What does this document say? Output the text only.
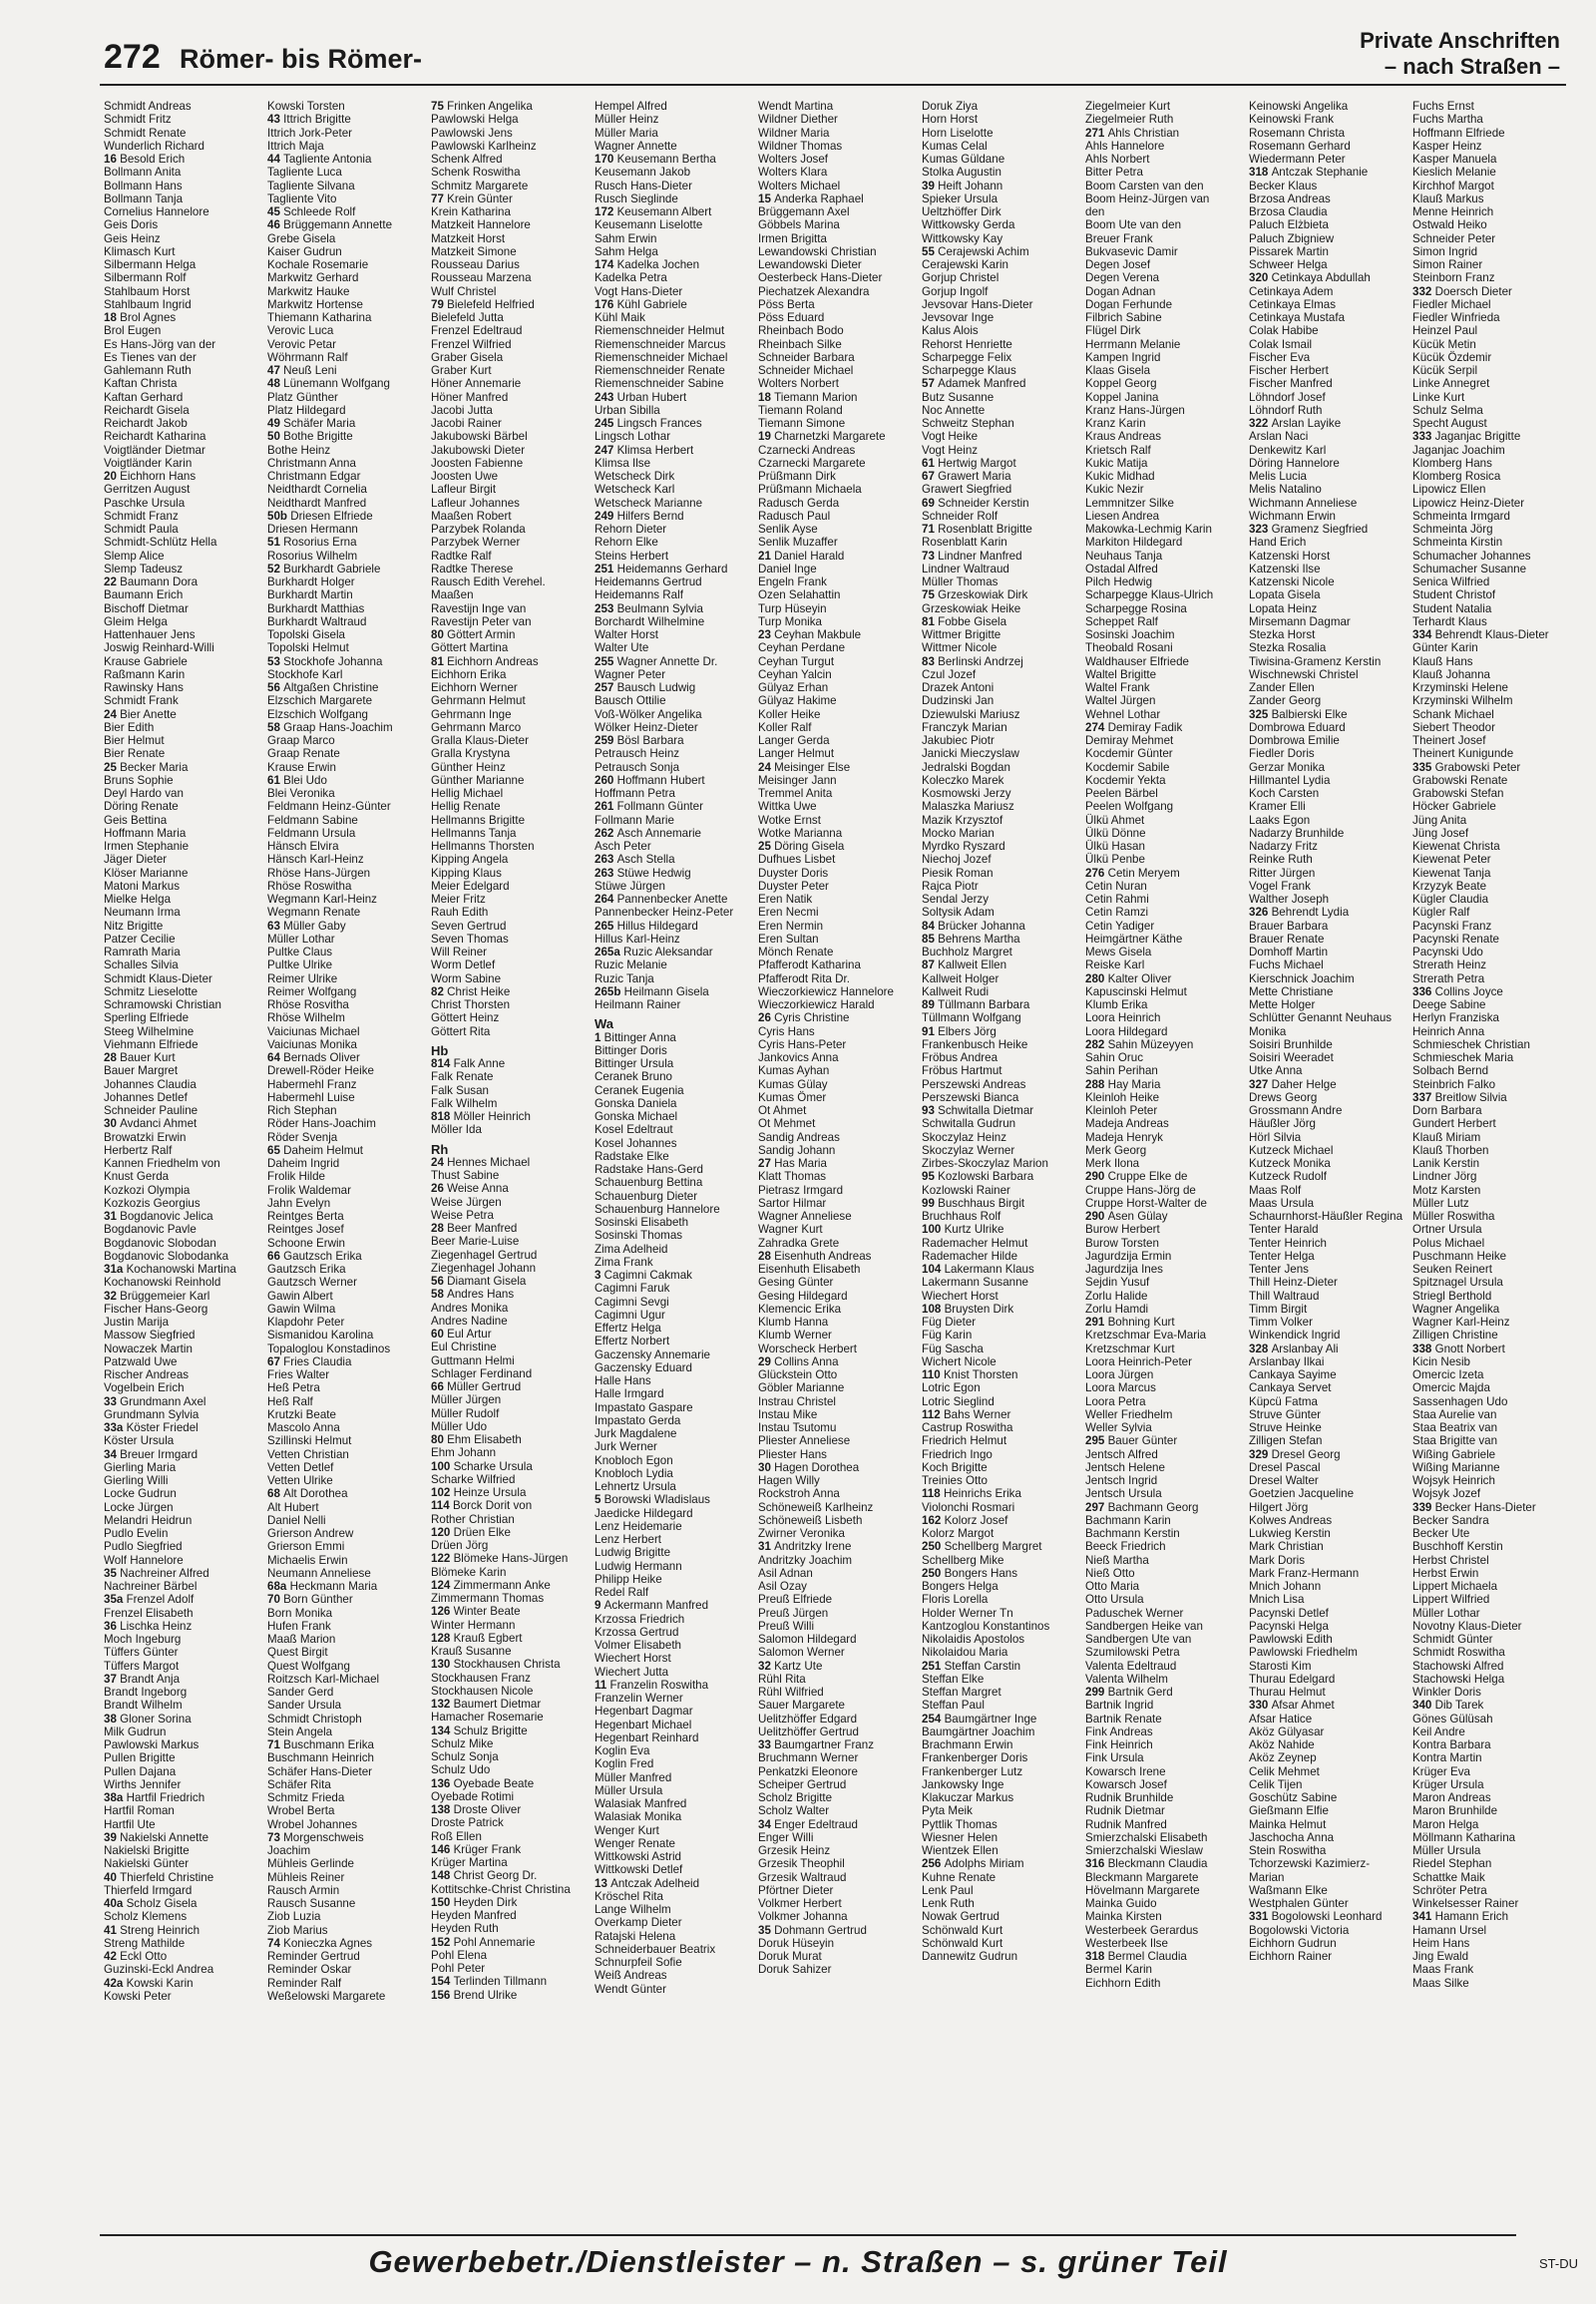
272 Römer- bis Römer-
Private Anschriften
– nach Straßen –
Schmidt Andreas
Schmidt Fritz
Schmidt Renate
Wunderlich Richard
16 Besold Erich
Bollmann Anita
Bollmann Hans
Bollmann Tanja
Cornelius Hannelore
Geis Doris
Geis Heinz
Klimasch Kurt
Silbermann Helga
Silbermann Rolf
Stahlbaum Horst
Stahlbaum Ingrid
18 Brol Agnes
Brol Eugen
Es Hans-Jörg van der
Es Tienes van der
Gahlemann Ruth
Kaftan Christa
Kaftan Gerhard
Reichardt Gisela
Reichardt Jakob
Reichardt Katharina
Voigtländer Dietmar
Voigtländer Karin
20 Eichhorn Hans
Gerritzen August
Paschke Ursula
Schmidt Franz
Schmidt Paula
Schmidt-Schlütz Hella
Slemp Alice
Slemp Tadeusz
22 Baumann Dora
Baumann Erich
Bischoff Dietmar
Gleim Helga
Hattenhauer Jens
Joswig Reinhard-Willi
Krause Gabriele
Raßmann Karin
Rawinsky Hans
Schmidt Frank
24 Bier Anette
Bier Edith
Bier Helmut
Bier Renate
25 Becker Maria
Bruns Sophie
Deyl Hardo van
Döring Renate
Geis Bettina
Hoffmann Maria
Irmen Stephanie
Jäger Dieter
Klöser Marianne
Matoni Markus
Mielke Helga
Neumann Irma
Nitz Brigitte
Patzer Cecilie
Ramrath Maria
Schalles Silvia
Schmidt Klaus-Dieter
Schmitz Lieselotte
Schramowski Christian
Sperling Elfriede
Steeg Wilhelmine
Viehmann Elfriede
28 Bauer Kurt
Bauer Margret
Johannes Claudia
Johannes Detlef
Schneider Pauline
30 Avdanci Ahmet
Browatzki Erwin
Herbertz Ralf
Kannen Friedhelm von
Knust Gerda
Kozkozi Olympia
Kozkozis Georgius
31 Bogdanovic Jelica
Bogdanovic Pavle
Bogdanovic Slobodan
Bogdanovic Slobodanka
31a Kochanowski Martina
Kochanowski Reinhold
32 Brüggemeier Karl
Fischer Hans-Georg
Justin Marija
Massow Siegfried
Nowaczek Martin
Patzwald Uwe
Rischer Andreas
Vogelbein Erich
33 Grundmann Axel
Grundmann Sylvia
33a Köster Friedel
Köster Ursula
34 Breuer Irmgard
Gierling Maria
Gierling Willi
Locke Gudrun
Locke Jürgen
Melandri Heidrun
Pudlo Evelin
Pudlo Siegfried
Wolf Hannelore
35 Nachreiner Alfred
Nachreiner Bärbel
35a Frenzel Adolf
Frenzel Elisabeth
36 Lischka Heinz
Moch Ingeburg
Tüffers Günter
Tüffers Margot
37 Brandt Anja
Brandt Ingeborg
Brandt Wilhelm
38 Gloner Sorina
Milk Gudrun
Pawlowski Markus
Pullen Brigitte
Pullen Dajana
Wirths Jennifer
38a Hartfil Friedrich
Hartfil Roman
Hartfil Ute
39 Nakielski Annette
Nakielski Brigitte
Nakielski Günter
40 Thierfeld Christine
Thierfeld Irmgard
40a Scholz Gisela
Scholz Klemens
41 Streng Heinrich
Streng Mathilde
42 Eckl Otto
Guzinski-Eckl Andrea
42a Kowski Karin
Kowski Peter
Kowski Torsten
43 Ittrich Brigitte
Ittrich Jork-Peter
Ittrich Maja
44 Tagliente Antonia
Tagliente Luca
Tagliente Silvana
Tagliente Vito
45 Schleede Rolf
46 Brüggemann Annette
Grebe Gisela
Kaiser Gudrun
Kochale Rosemarie
Markwitz Gerhard
Markwitz Hauke
Markwitz Hortense
Thiemann Katharina
Verovic Luca
Verovic Petar
Wöhrmann Ralf
47 Neuß Leni
48 Lünemann Wolfgang
Platz Günther
Platz Hildegard
49 Schäfer Maria
50 Bothe Brigitte
Bothe Heinz
Christmann Anna
Christmann Edgar
Neidthardt Cornelia
Neidthardt Manfred
50b Driesen Elfriede
Driesen Hermann
51 Rosorius Erna
Rosorius Wilhelm
52 Burkhardt Gabriele
Burkhardt Holger
Burkhardt Martin
Burkhardt Matthias
Burkhardt Waltraud
Topolski Gisela
Topolski Helmut
53 Stockhofe Johanna
Stockhofe Karl
56 Altgaßen Christine
Elzschich Margarete
Elzschich Wolfgang
58 Graap Hans-Joachim
Graap Marco
Graap Renate
Krause Erwin
61 Blei Udo
Blei Veronika
Feldmann Heinz-Günter
Feldmann Sabine
Feldmann Ursula
Hänsch Elvira
Hänsch Karl-Heinz
Rhöse Hans-Jürgen
Rhöse Roswitha
Wegmann Karl-Heinz
Wegmann Renate
63 Müller Gaby
Müller Lothar
Pultke Claus
Pultke Ulrike
Reimer Ulrike
Reimer Wolfgang
Rhöse Rosvitha
Rhöse Wilhelm
Vaiciunas Michael
Vaiciunas Monika
64 Bernads Oliver
Drewell-Röder Heike
Habermehl Franz
Habermehl Luise
Rich Stephan
Röder Hans-Joachim
Röder Svenja
65 Daheim Helmut
Daheim Ingrid
Frolik Hilde
Frolik Waldemar
Jahn Evelyn
Reintges Berta
Reintges Josef
Schoone Erwin
66 Gautzsch Erika
Gautzsch Erika
Gautzsch Werner
Gawin Albert
Gawin Wilma
Klapdohr Peter
Sismanidou Karolina
Topaloglou Konstadinos
67 Fries Claudia
Fries Walter
Heß Petra
Heß Ralf
Krutzki Beate
Mascolo Anna
Szillinski Helmut
Vetten Christian
Vetten Detlef
Vetten Ulrike
68 Alt Dorothea
Alt Hubert
Daniel Nelli
Grierson Andrew
Grierson Emmi
Michaelis Erwin
Neumann Anneliese
68a Heckmann Maria
70 Born Günther
Born Monika
Hufen Frank
Maaß Marion
Quest Birgit
Quest Wolfgang
Roitzsch Karl-Michael
Sander Gerd
Sander Ursula
Schmidt Christoph
Stein Angela
71 Buschmann Erika
Buschmann Heinrich
Schäfer Hans-Dieter
Schäfer Rita
Schmitz Frieda
Wrobel Berta
Wrobel Johannes
73 Morgenschweis
Joachim
Mühleis Gerlinde
Mühleis Reiner
Rausch Armin
Rausch Susanne
Ziob Luzia
Ziob Marius
74 Konieczka Agnes
Reminder Gertrud
Reminder Oskar
Reminder Ralf
Weßelowski Margarete
75 Frinken Angelika
Pawlowski Helga
Pawlowski Jens
Pawlowski Karlheinz
Schenk Alfred
Schenk Roswitha
Schmitz Margarete
77 Krein Günter
Krein Katharina
Matzkeit Hannelore
Matzkeit Horst
Matzkeit Simone
Rousseau Darius
Rousseau Marzena
Wulf Christel
79 Bielefeld Helfried
Bielefeld Jutta
Frenzel Edeltraud
Frenzel Wilfried
Graber Gisela
Graber Kurt
Höner Annemarie
Höner Manfred
Jacobi Jutta
Jacobi Rainer
Jakubowski Bärbel
Jakubowski Dieter
Joosten Fabienne
Joosten Uwe
Lafleur Birgit
Lafleur Johannes
Maaßen Robert
Parzybek Rolanda
Parzybek Werner
Radtke Ralf
Radtke Therese
Rausch Edith Verehel.
Maaßen
Ravestijn Inge van
Ravestijn Peter van
80 Göttert Armin
Göttert Martina
81 Eichhorn Andreas
Eichhorn Erika
Eichhorn Werner
Gehrmann Helmut
Gehrmann Inge
Gehrmann Marco
Gralla Klaus-Dieter
Gralla Krystyna
Günther Heinz
Günther Marianne
Hellig Michael
Hellig Renate
Hellmanns Brigitte
Hellmanns Tanja
Hellmanns Thorsten
Kipping Angela
Kipping Klaus
Meier Edelgard
Meier Fritz
Rauh Edith
Seven Gertrud
Seven Thomas
Will Reiner
Worm Detlef
Worm Sabine
82 Christ Heike
Christ Thorsten
Göttert Heinz
Göttert Rita
Hb
814 Falk Anne
Falk Renate
Falk Susan
Falk Wilhelm
818 Möller Heinrich
Möller Ida
Rh
24 Hennes Michael
Thust Sabine
26 Weise Anna
Weise Jürgen
Weise Petra
28 Beer Manfred
Beer Marie-Luise
Ziegenhagel Gertrud
Ziegenhagel Johann
56 Diamant Gisela
58 Andres Hans
Andres Monika
Andres Nadine
60 Eul Artur
Eul Christine
Guttmann Helmi
Schlager Ferdinand
66 Müller Gertrud
Müller Jürgen
Müller Rudolf
Müller Udo
80 Ehm Elisabeth
Ehm Johann
100 Scharke Ursula
Scharke Wilfried
102 Heinze Ursula
114 Borck Dorit von
Rother Christian
120 Drüen Elke
Drüen Jörg
122 Blömeke Hans-Jürgen
Blömeke Karin
124 Zimmermann Anke
Zimmermann Thomas
126 Winter Beate
Winter Hermann
128 Krauß Egbert
Krauß Susanne
130 Stockhausen Christa
Stockhausen Franz
Stockhausen Nicole
132 Baumert Dietmar
Hamacher Rosemarie
134 Schulz Brigitte
Schulz Mike
Schulz Sonja
Schulz Udo
136 Oyebade Beate
Oyebade Rotimi
138 Droste Oliver
Droste Patrick
Roß Ellen
146 Krüger Frank
Krüger Martina
148 Christ Georg Dr.
Kottitschke-Christ Christina
150 Heyden Dirk
Heyden Manfred
Heyden Ruth
152 Pohl Annemarie
Pohl Elena
Pohl Peter
154 Terlinden Tillmann
156 Brend Ulrike
Hempel Alfred
Müller Heinz
Müller Maria
Wagner Annette
170 Keusemann Bertha
Keusemann Jakob
Rusch Hans-Dieter
Rusch Sieglinde
172 Keusemann Albert
Keusemann Liselotte
Sahm Erwin
Sahm Helga
174 Kadelka Jochen
Kadelka Petra
Vogt Hans-Dieter
176 Kühl Gabriele
Kühl Maik
Riemenschneider Helmut
Riemenschneider Marcus
Riemenschneider Michael
Riemenschneider Renate
Riemenschneider Sabine
243 Urban Hubert
Urban Sibilla
245 Lingsch Frances
Lingsch Lothar
247 Klimsa Herbert
Klimsa Ilse
Wetscheck Dirk
Wetscheck Karl
Wetscheck Marianne
249 Hilfers Bernd
Rehorn Dieter
Rehorn Elke
Steins Herbert
251 Heidemanns Gerhard
Heidemanns Gertrud
Heidemanns Ralf
253 Beulmann Sylvia
Borchardt Wilhelmine
Walter Horst
Walter Ute
255 Wagner Annette Dr.
Wagner Peter
257 Bausch Ludwig
Bausch Ottilie
Voß-Wölker Angelika
Wölker Heinz-Dieter
259 Bösl Barbara
Petrausch Heinz
Petrausch Sonja
260 Hoffmann Hubert
Hoffmann Petra
261 Follmann Günter
Follmann Marie
262 Asch Annemarie
Asch Peter
263 Asch Stella
263 Stüwe Hedwig
Stüwe Jürgen
264 Pannenbecker Anette
Pannenbecker Heinz-Peter
265 Hillus Hildegard
Hillus Karl-Heinz
265a Ruzic Aleksandar
Ruzic Melanie
Ruzic Tanja
265b Heilmann Gisela
Heilmann Rainer
Wa
1 Bittinger Anna
Bittinger Doris
Bittinger Ursula
Ceranek Bruno
Ceranek Eugenia
Gonska Daniela
Gonska Michael
Kosel Edeltraut
Kosel Johannes
Radstake Elke
Radstake Hans-Gerd
Schauenburg Bettina
Schauenburg Dieter
Schauenburg Hannelore
Sosinski Elisabeth
Sosinski Thomas
Zima Adelheid
Zima Frank
3 Cagimni Cakmak
Cagimni Faruk
Cagimni Sevgi
Cagimni Ugur
Effertz Helga
Effertz Norbert
Gaczensky Annemarie
Gaczensky Eduard
Halle Hans
Halle Irmgard
Impastato Gaspare
Impastato Gerda
Jurk Magdalene
Jurk Werner
Knobloch Egon
Knobloch Lydia
Lehnertz Ursula
5 Borowski Wladislaus
Jaedicke Hildegard
Lenz Heidemarie
Lenz Herbert
Ludwig Brigitte
Ludwig Hermann
Philipp Heike
Redel Ralf
9 Ackermann Manfred
Krzossa Friedrich
Krzossa Gertrud
Volmer Elisabeth
Wiechert Horst
Wiechert Jutta
11 Franzelin Roswitha
Franzelin Werner
Hegenbart Dagmar
Hegenbart Michael
Hegenbart Reinhard
Koglin Eva
Koglin Fred
Müller Manfred
Müller Ursula
Walasiak Manfred
Walasiak Monika
Wenger Kurt
Wenger Renate
Wittkowski Astrid
Wittkowski Detlef
13 Antczak Adelheid
Kröschel Rita
Lange Wilhelm
Overkamp Dieter
Ratajski Helena
Schneiderbauer Beatrix
Schnurpfeil Sofie
Weiß Andreas
Wendt Günter
Wendt Martina
Wildner Diether
Wildner Maria
Wildner Thomas
Wolters Josef
Wolters Klara
Wolters Michael
15 Anderka Raphael
Brüggemann Axel
Göbbels Marina
Irmen Brigitta
Lewandowski Christian
Lewandowski Dieter
Oesterbeck Hans-Dieter
Piechatzek Alexandra
Pöss Berta
Pöss Eduard
Rheinbach Bodo
Rheinbach Silke
Schneider Barbara
Schneider Michael
Wolters Norbert
18 Tiemann Marion
Tiemann Roland
Tiemann Simone
19 Charnetzki Margarete
Czarnecki Andreas
Czarnecki Margarete
Prüßmann Dirk
Prüßmann Michaela
Radusch Gerda
Radusch Paul
Senlik Ayse
Senlik Muzaffer
21 Daniel Harald
Daniel Inge
Engeln Frank
Ozen Selahattin
Turp Hüseyin
Turp Monika
23 Ceyhan Makbule
Ceyhan Perdane
Ceyhan Turgut
Ceyhan Yalcin
Gülyaz Erhan
Gülyaz Hakime
Koller Heike
Koller Ralf
Langer Gerda
Langer Helmut
24 Meisinger Else
Meisinger Jann
Tremmel Anita
Wittka Uwe
Wotke Ernst
Wotke Marianna
25 Döring Gisela
Dufhues Lisbet
Duyster Doris
Duyster Peter
Eren Natik
Eren Necmi
Eren Nermin
Eren Sultan
Mönch Renate
Pfafferodt Katharina
Pfafferodt Rita Dr.
Wieczorkiewicz Hannelore
Wieczorkiewicz Harald
26 Cyris Christine
Cyris Hans
Cyris Hans-Peter
Jankovics Anna
Kumas Ayhan
Kumas Gülay
Kumas Ömer
Ot Ahmet
Ot Mehmet
Sandig Andreas
Sandig Johann
27 Has Maria
Klatt Thomas
Pietrasz Irmgard
Sartor Hilmar
Wagner Anneliese
Wagner Kurt
Zahradka Grete
28 Eisenhuth Andreas
Eisenhuth Elisabeth
Gesing Günter
Gesing Hildegard
Klemencic Erika
Klumb Hanna
Klumb Werner
Worscheck Herbert
29 Collins Anna
Glückstein Otto
Göbler Marianne
Instrau Christel
Instau Mike
Instau Tsutomu
Pliester Anneliese
Pliester Hans
30 Hagen Dorothea
Hagen Willy
Rockstroh Anna
Schöneweiß Karlheinz
Schöneweiß Lisbeth
Zwirner Veronika
31 Andritzky Irene
Andritzky Joachim
Asil Adnan
Asil Ozay
Preuß Elfriede
Preuß Jürgen
Preuß Willi
Salomon Hildegard
Salomon Werner
32 Kartz Ute
Rühl Rita
Rühl Wilfried
Sauer Margarete
Uelitzhöffer Edgard
Uelitzhöffer Gertrud
33 Baumgartner Franz
Bruchmann Werner
Penkatzki Eleonore
Scheiper Gertrud
Scholz Brigitte
Scholz Walter
34 Enger Edeltraud
Enger Willi
Grzesik Heinz
Grzesik Theophil
Grzesik Waltraud
Pförtner Dieter
Volkmer Herbert
Volkmer Johanna
35 Dohmann Gertrud
Doruk Hüseyin
Doruk Murat
Doruk Sahizer
Doruk Ziya
Horn Horst
Horn Liselotte
Kumas Celal
Kumas Güldane
Stolka Augustin
39 Heift Johann
Spieker Ursula
Ueltzhöffer Dirk
Wittkowsky Gerda
Wittkowsky Kay
55 Cerajewski Achim
Cerajewski Karin
Gorjup Christel
Gorjup Ingolf
Jevsovar Hans-Dieter
Jevsovar Inge
Kalus Alois
Rehorst Henriette
Scharpegge Felix
Scharpegge Klaus
57 Adamek Manfred
Butz Susanne
Noc Annette
Schweitz Stephan
Vogt Heike
Vogt Heinz
61 Hertwig Margot
67 Grawert Maria
Grawert Siegfried
69 Schneider Kerstin
Schneider Rolf
71 Rosenblatt Brigitte
Rosenblatt Karin
73 Lindner Manfred
Lindner Waltraud
Müller Thomas
75 Grzeskowiak Dirk
Grzeskowiak Heike
81 Fobbe Gisela
Wittmer Brigitte
Wittmer Nicole
83 Berlinski Andrzej
Czul Jozef
Drazek Antoni
Dudzinski Jan
Dziewulski Mariusz
Franczyk Marian
Jakubiec Piotr
Janicki Mieczyslaw
Jedralski Bogdan
Koleczko Marek
Kosmowski Jerzy
Malaszka Mariusz
Mazik Krzysztof
Mocko Marian
Myrdko Ryszard
Niechoj Jozef
Piesik Roman
Rajca Piotr
Sendal Jerzy
Soltysik Adam
84 Brücker Johanna
85 Behrens Martha
Buchholz Margret
87 Kallweit Ellen
Kallweit Holger
Kallweit Rudi
89 Tüllmann Barbara
Tüllmann Wolfgang
91 Elbers Jörg
Frankenbusch Heike
Fröbus Andrea
Fröbus Hartmut
Perszewski Andreas
Perszewski Bianca
93 Schwitalla Dietmar
Schwitalla Gudrun
Skoczylaz Heinz
Skoczylaz Werner
Zirbes-Skoczylaz Marion
95 Kozlowski Barbara
Kozlowski Rainer
99 Buschhaus Birgit
Bruchhaus Rolf
100 Kurtz Ulrike
Rademacher Helmut
Rademacher Hilde
104 Lakermann Klaus
Lakermann Susanne
Wiechert Horst
108 Bruysten Dirk
Füg Dieter
Füg Karin
Füg Sascha
Wichert Nicole
110 Knist Thorsten
Lotric Egon
Lotric Sieglind
112 Bahs Werner
Castrup Roswitha
Friedrich Helmut
Friedrich Ingo
Koch Brigitte
Treinies Otto
118 Heinrichs Erika
Violonchi Rosmari
162 Kolorz Josef
Kolorz Margot
250 Schellberg Margret
Schellberg Mike
250 Bongers Hans
Bongers Helga
Floris Lorella
Holder Werner Tn
Kantzoglou Konstantinos
Nikolaidis Apostolos
Nikolaidou Maria
251 Steffan Carstin
Steffan Elke
Steffan Margret
Steffan Paul
254 Baumgärtner Inge
Baumgärtner Joachim
Brachmann Erwin
Frankenberger Doris
Frankenberger Lutz
Jankowsky Inge
Klakuczar Markus
Pyta Meik
Pyttlik Thomas
Wiesner Helen
Wientzek Ellen
256 Adolphs Miriam
Kuhne Renate
Lenk Paul
Lenk Ruth
Nowak Gertrud
Schönwald Kurt
Schönwald Kurt
Dannewitz Gudrun
Ziegelmeier Kurt
Ziegelmeier Ruth
271 Ahls Christian
Ahls Hannelore
Ahls Norbert
Bitter Petra
Boom Carsten van den
Boom Heinz-Jürgen van
den
Boom Ute van den
Breuer Frank
Bukvasevic Damir
Degen Josef
Degen Verena
Dogan Adnan
Dogan Ferhunde
Filbrich Sabine
Flügel Dirk
Herrmann Melanie
Kampen Ingrid
Klaas Gisela
Koppel Georg
Koppel Janina
Kranz Hans-Jürgen
Kranz Karin
Kraus Andreas
Krietsch Ralf
Kukic Matija
Kukic Midhad
Kukic Nezir
Lemmnitzer Silke
Liesen Andrea
Makowka-Lechmig Karin
Markiton Hildegard
Neuhaus Tanja
Ostadal Alfred
Pilch Hedwig
Scharpegge Klaus-Ulrich
Scharpegge Rosina
Scheppet Ralf
Sosinski Joachim
Theobald Rosani
Waldhauser Elfriede
Waltel Brigitte
Waltel Frank
Waltel Jürgen
Wehnel Lothar
274 Demiray Fadik
Demiray Mehmet
Kocdemir Günter
Kocdemir Sabile
Kocdemir Yekta
Peelen Bärbel
Peelen Wolfgang
Ülkü Ahmet
Ülkü Dönne
Ülkü Hasan
Ülkü Penbe
276 Cetin Meryem
Cetin Nuran
Cetin Rahmi
Cetin Ramzi
Cetin Yadiger
Heimgärtner Käthe
Mews Gisela
Reiske Karl
280 Kalter Oliver
Kapuscinski Helmut
Klumb Erika
Loora Heinrich
Loora Hildegard
282 Sahin Müzeyyen
Sahin Oruc
Sahin Perihan
288 Hay Maria
Kleinloh Heike
Kleinloh Peter
Madeja Andreas
Madeja Henryk
Merk Georg
Merk Ilona
290 Cruppe Elke de
Cruppe Hans-Jörg de
Cruppe Horst-Walter de
290 Asen Gülay
Burow Herbert
Burow Torsten
Jagurdzija Ermin
Jagurdzija Ines
Sejdin Yusuf
Zorlu Halide
Zorlu Hamdi
291 Bohning Kurt
Kretzschmar Eva-Maria
Kretzschmar Kurt
Loora Heinrich-Peter
Loora Jürgen
Loora Marcus
Loora Petra
Weller Friedhelm
Weller Sylvia
295 Bauer Günter
Jentsch Alfred
Jentsch Helene
Jentsch Ingrid
Jentsch Ursula
297 Bachmann Georg
Bachmann Karin
Bachmann Kerstin
Beeck Friedrich
Nieß Martha
Nieß Otto
Otto Maria
Otto Ursula
Paduschek Werner
Sandbergen Heike van
Sandbergen Ute van
Szumilowski Petra
Valenta Edeltraud
Valenta Wilhelm
299 Bartnik Gerd
Bartnik Ingrid
Bartnik Renate
Fink Andreas
Fink Heinrich
Fink Ursula
Kowarsch Irene
Kowarsch Josef
Rudnik Brunhilde
Rudnik Dietmar
Rudnik Manfred
Smierzchalski Elisabeth
Smierzchalski Wieslaw
316 Bleckmann Claudia
Bleckmann Margarete
Hövelmann Margarete
Mainka Guido
Mainka Kirsten
Westerbeek Gerardus
Westerbeek Ilse
318 Bermel Claudia
Bermel Karin
Eichhorn Edith
Keinowski Angelika
Keinowski Frank
Rosemann Christa
Rosemann Gerhard
Wiedermann Peter
318 Antczak Stephanie
Becker Klaus
Brzosa Andreas
Brzosa Claudia
Paluch Elżbieta
Paluch Zbigniew
Pissarek Martin
Schweer Helga
320 Cetinkaya Abdullah
Cetinkaya Adem
Cetinkaya Elmas
Cetinkaya Mustafa
Colak Habibe
Colak Ismail
Fischer Eva
Fischer Herbert
Fischer Manfred
Löhndorf Josef
Löhndorf Ruth
322 Arslan Layike
Arslan Naci
Denkewitz Karl
Döring Hannelore
Melis Lucia
Melis Natalino
Wichmann Anneliese
Wichmann Erwin
323 Gramenz Siegfried
Hand Erich
Katzenski Horst
Katzenski Ilse
Katzenski Nicole
Lopata Gisela
Lopata Heinz
Mirsemann Dagmar
Stezka Horst
Stezka Rosalia
Tiwisina-Gramenz Kerstin
Wischnewski Christel
Zander Ellen
Zander Georg
325 Balbierski Elke
Dombrowa Eduard
Dombrowa Emilie
Fiedler Doris
Gerzar Monika
Hillmantel Lydia
Koch Carsten
Kramer Elli
Laaks Egon
Nadarzy Brunhilde
Nadarzy Fritz
Reinke Ruth
Ritter Jürgen
Vogel Frank
Walther Joseph
326 Behrendt Lydia
Brauer Barbara
Brauer Renate
Domhoff Martin
Fuchs Michael
Kierschnick Joachim
Mette Christiane
Mette Holger
Schlütter Genannt Neuhaus
Monika
Soisiri Brunhilde
Soisiri Weeradet
Utke Anna
327 Daher Helge
Drews Georg
Grossmann Andre
Häußler Jörg
Hörl Silvia
Kutzeck Michael
Kutzeck Monika
Kutzeck Rudolf
Maas Rolf
Maas Ursula
Schaurnhorst-Häußler Regina
Tenter Harald
Tenter Heinrich
Tenter Helga
Tenter Jens
Thill Heinz-Dieter
Thill Waltraud
Timm Birgit
Timm Volker
Winkendick Ingrid
328 Arslanbay Ali
Arslanbay Ilkai
Cankaya Sayime
Cankaya Servet
Küpcü Fatma
Struve Günter
Struve Heinke
Zilligen Stefan
329 Dresel Georg
Dresel Pascal
Dresel Walter
Goetzien Jacqueline
Hilgert Jörg
Kolwes Andreas
Lukwieg Kerstin
Mark Christian
Mark Doris
Mark Franz-Hermann
Mnich Johann
Mnich Lisa
Pacynski Detlef
Pacynski Helga
Pawlowski Edith
Pawlowski Friedhelm
Starosti Kim
Thurau Edelgard
Thurau Helmut
330 Afsar Ahmet
Afsar Hatice
Aköz Gülyasar
Aköz Nahide
Aköz Zeynep
Celik Mehmet
Celik Tijen
Goschütz Sabine
Gießmann Elfie
Mainka Helmut
Jaschocha Anna
Stein Roswitha
Tchorzewski Kazimierz-
Marian
Waßmann Elke
Westphalen Günter
331 Bogolowski Leonhard
Bogolowski Victoria
Eichhorn Gudrun
Eichhorn Rainer
Fuchs Ernst
Fuchs Martha
Hoffmann Elfriede
Kasper Heinz
Kasper Manuela
Kieslich Melanie
Kirchhof Margot
Klauß Markus
Menne Heinrich
Ostwald Heiko
Schneider Peter
Simon Ingrid
Simon Rainer
Steinborn Franz
332 Doersch Dieter
Fiedler Michael
Fiedler Winfrieda
Heinzel Paul
Kücük Metin
Kücük Özdemir
Kücük Serpil
Linke Annegret
Linke Kurt
Schulz Selma
Specht August
333 Jaganjac Brigitte
Jaganjac Joachim
Klomberg Hans
Klomberg Rosica
Lipowicz Ellen
Lipowicz Heinz-Dieter
Schmeinta Irmgard
Schmeinta Jörg
Schmeinta Kirstin
Schumacher Johannes
Schumacher Susanne
Senica Wilfried
Student Christof
Student Natalia
Terhardt Klaus
334 Behrendt Klaus-Dieter
Günter Karin
Klauß Hans
Klauß Johanna
Krzyminski Helene
Krzyminski Wilhelm
Schank Michael
Siebert Theodor
Theinert Josef
Theinert Kunigunde
335 Grabowski Peter
Grabowski Renate
Grabowski Stefan
Höcker Gabriele
Jüng Anita
Jüng Josef
Kiewenat Christa
Kiewenat Peter
Kiewenat Tanja
Krzyzyk Beate
Kügler Claudia
Kügler Ralf
Pacynski Franz
Pacynski Renate
Pacynski Udo
Strerath Heinz
Strerath Petra
336 Collins Joyce
Deege Sabine
Herlyn Franziska
Heinrich Anna
Schmieschek Christian
Schmieschek Maria
Solbach Bernd
Steinbrich Falko
337 Breitlow Silvia
Dorn Barbara
Gundert Herbert
Klauß Miriam
Klauß Thorben
Lanik Kerstin
Lindner Jörg
Motz Karsten
Müller Lutz
Müller Roswitha
Ortner Ursula
Polus Michael
Puschmann Heike
Seuken Reinert
Spitznagel Ursula
Striegl Berthold
Wagner Angelika
Wagner Karl-Heinz
Zilligen Christine
338 Gnott Norbert
Kicin Nesib
Omercic Izeta
Omercic Majda
Sassenhagen Udo
Staa Aurelie van
Staa Beatrix van
Staa Brigitte van
Wißing Gabriele
Wißing Marianne
Wojsyk Heinrich
Wojsyk Jozef
339 Becker Hans-Dieter
Becker Sandra
Becker Ute
Buschhoff Kerstin
Herbst Christel
Herbst Erwin
Lippert Michaela
Lippert Wilfried
Müller Lothar
Novotny Klaus-Dieter
Schmidt Günter
Schmidt Roswitha
Stachowski Alfred
Stachowski Helga
Winkler Doris
340 Dib Tarek
Gönes Gülüsah
Keil Andre
Kontra Barbara
Kontra Martin
Krüger Eva
Krüger Ursula
Maron Andreas
Maron Brunhilde
Maron Helga
Möllmann Katharina
Müller Ursula
Riedel Stephan
Schattke Maik
Schröter Petra
Winkelsesser Rainer
341 Hamann Erich
Hamann Ursel
Heim Hans
Jing Ewald
Maas Frank
Maas Silke
Gewerbebetr./Dienstleister – n. Straßen – s. grüner Teil	ST-DU
